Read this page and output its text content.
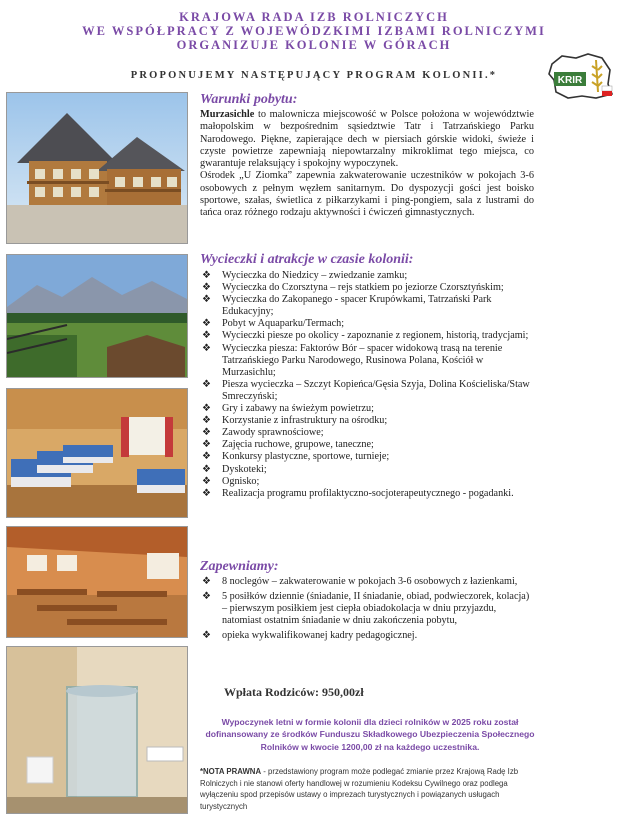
KRAJOWA RADA IZB ROLNICZYCH
WE WSPÓŁPRACY Z WOJEWÓDZKIMI IZBAMI ROLNICZYMI
ORGANIZUJE KOLONIE W GÓRACH
PROPONUJEMY NASTĘPUJĄCY PROGRAM KOLONII.*	KRIR
Warunki pobytu:
Murzasichle to malownicza miejscowość w Polsce położona w województwie małopolskim w bezpośrednim sąsiedztwie Tatr i Tatrzańskiego Parku Narodowego. Piękne, zapierające dech w piersiach górskie widoki, świeże i czyste powietrze zapewniają niepowtarzalny mikroklimat tego miejsca, co gwarantuje relaksujący i spokojny wypoczynek.
Ośrodek „U Ziomka” zapewnia zakwaterowanie uczestników w pokojach 3-6 osobowych z pełnym węzłem sanitarnym. Do dyspozycji gości jest boisko sportowe, szałas, świetlica z piłkarzykami i ping-pongiem, sala z lustrami do tańca oraz różnego rodzaju aktywności i ćwiczeń gimnastycznych.
Wycieczki i atrakcje w czasie kolonii:
❖ Wycieczka do Niedzicy – zwiedzanie zamku;
❖ Wycieczka do Czorsztyna – rejs statkiem po jeziorze Czorsztyńskim;
❖ Wycieczka do Zakopanego - spacer Krupówkami, Tatrzański Park Edukacyjny;
❖ Pobyt w Aquaparku/Termach;
❖ Wycieczki piesze po okolicy - zapoznanie z regionem, historią, tradycjami;
❖ Wycieczka piesza: Faktorów Bór – spacer widokową trasą na terenie Tatrzańskiego Parku Narodowego, Rusinowa Polana, Kościół w Murzasichlu;
❖ Piesza wycieczka – Szczyt Kopieńca/Gęsia Szyja, Dolina Kościeliska/Staw Smreczyński;
❖ Gry i zabawy na świeżym powietrzu;
❖ Korzystanie z infrastruktury na ośrodku;
❖ Zawody sprawnościowe;
❖ Zajęcia ruchowe, grupowe, taneczne;
❖ Konkursy plastyczne, sportowe, turnieje;
❖ Dyskoteki;
❖ Ognisko;
❖ Realizacja programu profilaktyczno-socjoterapeutycznego - pogadanki.
Zapewniamy:
❖ 8 noclegów – zakwaterowanie w pokojach 3-6 osobowych z łazienkami,
❖ 5 posiłków dziennie (śniadanie, II śniadanie, obiad, podwieczorek, kolacja) – pierwszym posiłkiem jest ciepła obiadokolacja w dniu przyjazdu, natomiast ostatnim śniadanie w dniu zakończenia pobytu,
❖ opieka wykwalifikowanej kadry pedagogicznej.
Wpłata Rodziców: 950,00zł
Wypoczynek letni w formie kolonii dla dzieci rolników w 2025 roku został dofinansowany ze środków Funduszu Składkowego Ubezpieczenia Społecznego Rolników w kwocie 1200,00 zł na każdego uczestnika.
*NOTA PRAWNA - przedstawiony program może podlegać zmianie przez Krajową Radę Izb Rolniczych i nie stanowi oferty handlowej w rozumieniu Kodeksu Cywilnego oraz podlega wyłączeniu spod przepisów ustawy o imprezach turystycznych i powiązanych usługach turystycznych
